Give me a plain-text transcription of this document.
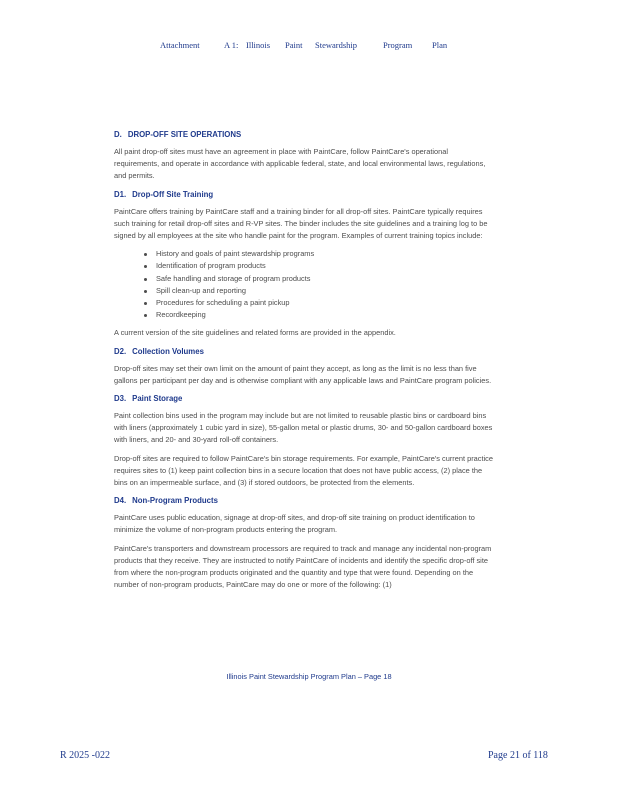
Attachment	A 1: Illinois Paint Stewardship	Program Plan
D. DROP-OFF SITE OPERATIONS

All paint drop-off sites must have an agreement in place with PaintCare, follow PaintCare's operational requirements, and operate in accordance with applicable federal, state, and local environmental laws, regulations, and permits.

D1. Drop-Off Site Training

PaintCare offers training by PaintCare staff and a training binder for all drop-off sites. PaintCare typically requires such training for retail drop-off sites and R-VP sites. The binder includes the site guidelines and a training log to be signed by all employees at the site who handle paint for the program. Examples of current training topics include:

History and goals of paint stewardship programs
Identification of program products
Safe handling and storage of program products
Spill clean-up and reporting
Procedures for scheduling a paint pickup
Recordkeeping

A current version of the site guidelines and related forms are provided in the appendix.

D2. Collection Volumes

Drop-off sites may set their own limit on the amount of paint they accept, as long as the limit is no less than five gallons per participant per day and is otherwise compliant with any applicable laws and PaintCare program policies.

D3. Paint Storage

Paint collection bins used in the program may include but are not limited to reusable plastic bins or cardboard bins with liners (approximately 1 cubic yard in size), 55-gallon metal or plastic drums, 30- and 50-gallon cardboard boxes with liners, and 20- and 30-yard roll-off containers.

Drop-off sites are required to follow PaintCare's bin storage requirements. For example, PaintCare's current practice requires sites to (1) keep paint collection bins in a secure location that does not have public access, (2) place the bins on an impermeable surface, and (3) if stored outdoors, be protected from the elements.

D4. Non-Program Products

PaintCare uses public education, signage at drop-off sites, and drop-off site training on product identification to minimize the volume of non-program products entering the program.

PaintCare's transporters and downstream processors are required to track and manage any incidental non-program products that they receive. They are instructed to notify PaintCare of incidents and identify the specific drop-off site from where the non-program products originated and the quantity and type that were found. Depending on the number of non-program products, PaintCare may do one or more of the following: (1)

Illinois Paint Stewardship Program Plan – Page 18
R 2025 -022	Page 21 of 118
